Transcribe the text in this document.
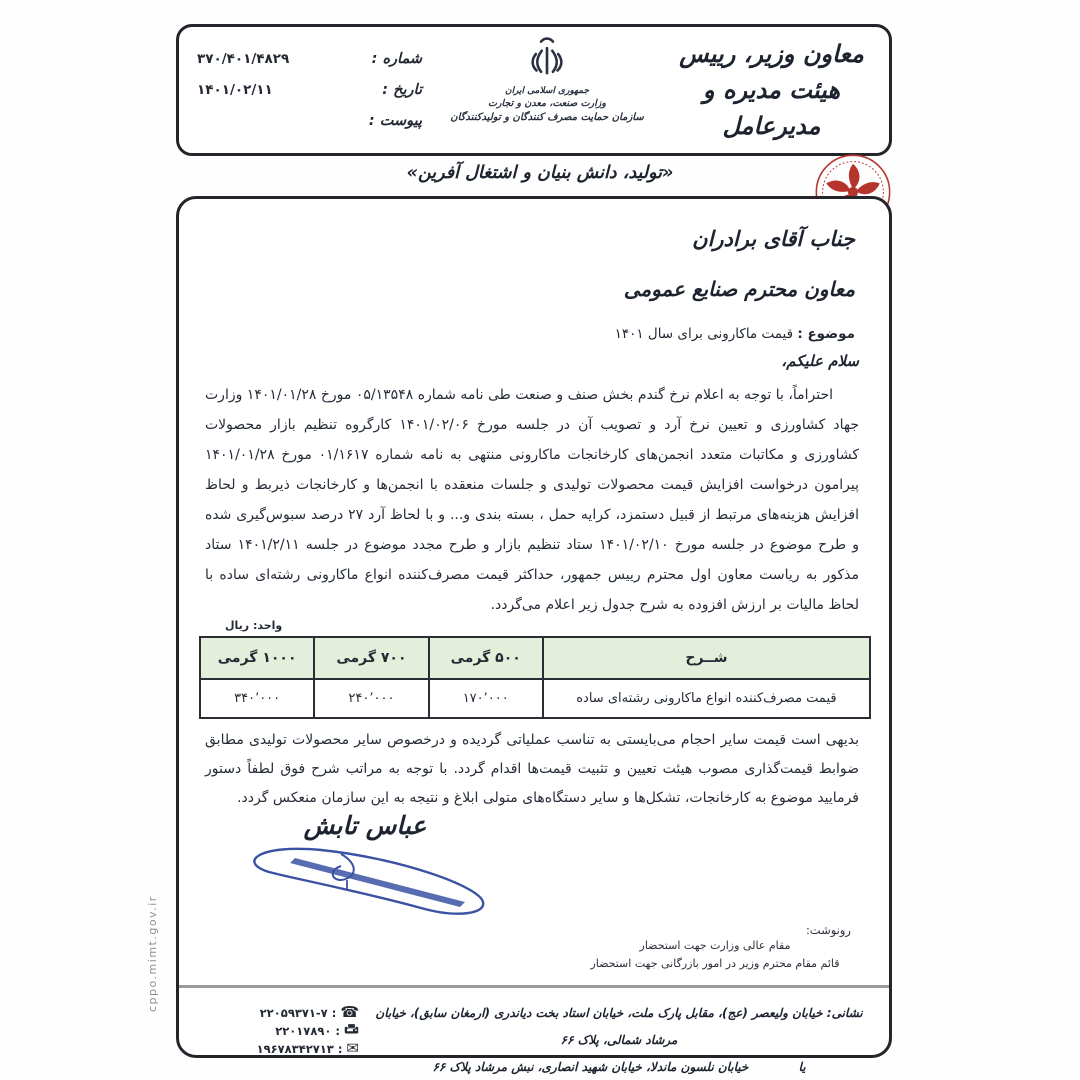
معاون وزیر، رییس هیئت مدیره و مدیرعامل
جمهوری اسلامی ایران
وزارت صنعت، معدن و تجارت
سازمان حمایت مصرف کنندگان و تولیدکنندگان
شماره :
۳۷۰/۴۰۱/۴۸۲۹
تاریخ :
۱۴۰۱/۰۲/۱۱
پیوست :
«تولید، دانش بنیان و اشتغال آفرین»
جناب آقای برادران
معاون محترم صنایع عمومی
موضوع : قیمت ماکارونی برای سال ۱۴۰۱
سلام علیکم،
احتراماً، با توجه به اعلام نرخ گندم بخش صنف و صنعت طی نامه شماره ۰۵/۱۳۵۴۸ مورخ ۱۴۰۱/۰۱/۲۸ وزارت جهاد کشاورزی و تعیین نرخ آرد و تصویب آن در جلسه مورخ ۱۴۰۱/۰۲/۰۶ کارگروه تنظیم بازار محصولات کشاورزی و مکاتبات متعدد انجمن‌های کارخانجات ماکارونی منتهی به نامه شماره ۰۱/۱۶۱۷ مورخ ۱۴۰۱/۰۱/۲۸ پیرامون درخواست افزایش قیمت محصولات تولیدی و جلسات منعقده با انجمن‌ها و کارخانجات ذیربط و لحاظ افزایش هزینه‌های مرتبط از قبیل دستمزد، کرایه حمل ، بسته بندی و... و با لحاظ آرد ۲۷ درصد سبوس‌گیری شده و طرح موضوع در جلسه مورخ ۱۴۰۱/۰۲/۱۰ ستاد تنظیم بازار و طرح مجدد موضوع در جلسه ۱۴۰۱/۲/۱۱ ستاد مذکور به ریاست معاون اول محترم رییس جمهور، حداکثر قیمت مصرف‌کننده انواع ماکارونی رشته‌ای ساده با لحاظ مالیات بر ارزش افزوده به شرح جدول زیر اعلام می‌گردد.
واحد: ریال
شــرح	۵۰۰ گرمی	۷۰۰ گرمی	۱۰۰۰ گرمی
قیمت مصرف‌کننده انواع ماکارونی رشته‌ای ساده	۱۷۰٬۰۰۰	۲۴۰٬۰۰۰	۳۴۰٬۰۰۰
بدیهی است قیمت سایر احجام می‌بایستی به تناسب عملیاتی گردیده و درخصوص سایر محصولات تولیدی مطابق ضوابط قیمت‌گذاری مصوب هیئت تعیین و تثبیت قیمت‌ها اقدام گردد. با توجه به مراتب شرح فوق لطفاً دستور فرمایید موضوع به کارخانجات، تشکل‌ها و سایر دستگاه‌های متولی ابلاغ و نتیجه به این سازمان منعکس گردد.
عباس تابش
رونوشت:
مقام عالی وزارت جهت استحضار
قائم مقام محترم وزیر در امور بازرگانی جهت استحضار
نشانی: خیابان ولیعصر (عج)، مقابل پارک ملت، خیابان استاد بخت دیاندری (ارمغان سابق)، خیابان مرشاد شمالی، پلاک ۶۶
یا خیابان نلسون ماندلا، خیابان شهید انصاری، نبش مرشاد پلاک ۶۶
☎
:
۲۲۰۵۹۳۷۱-۷
:
۲۲۰۱۷۸۹۰
✉
:
۱۹۶۷۸۳۴۲۷۱۳
cppo.mimt.gov.ir
